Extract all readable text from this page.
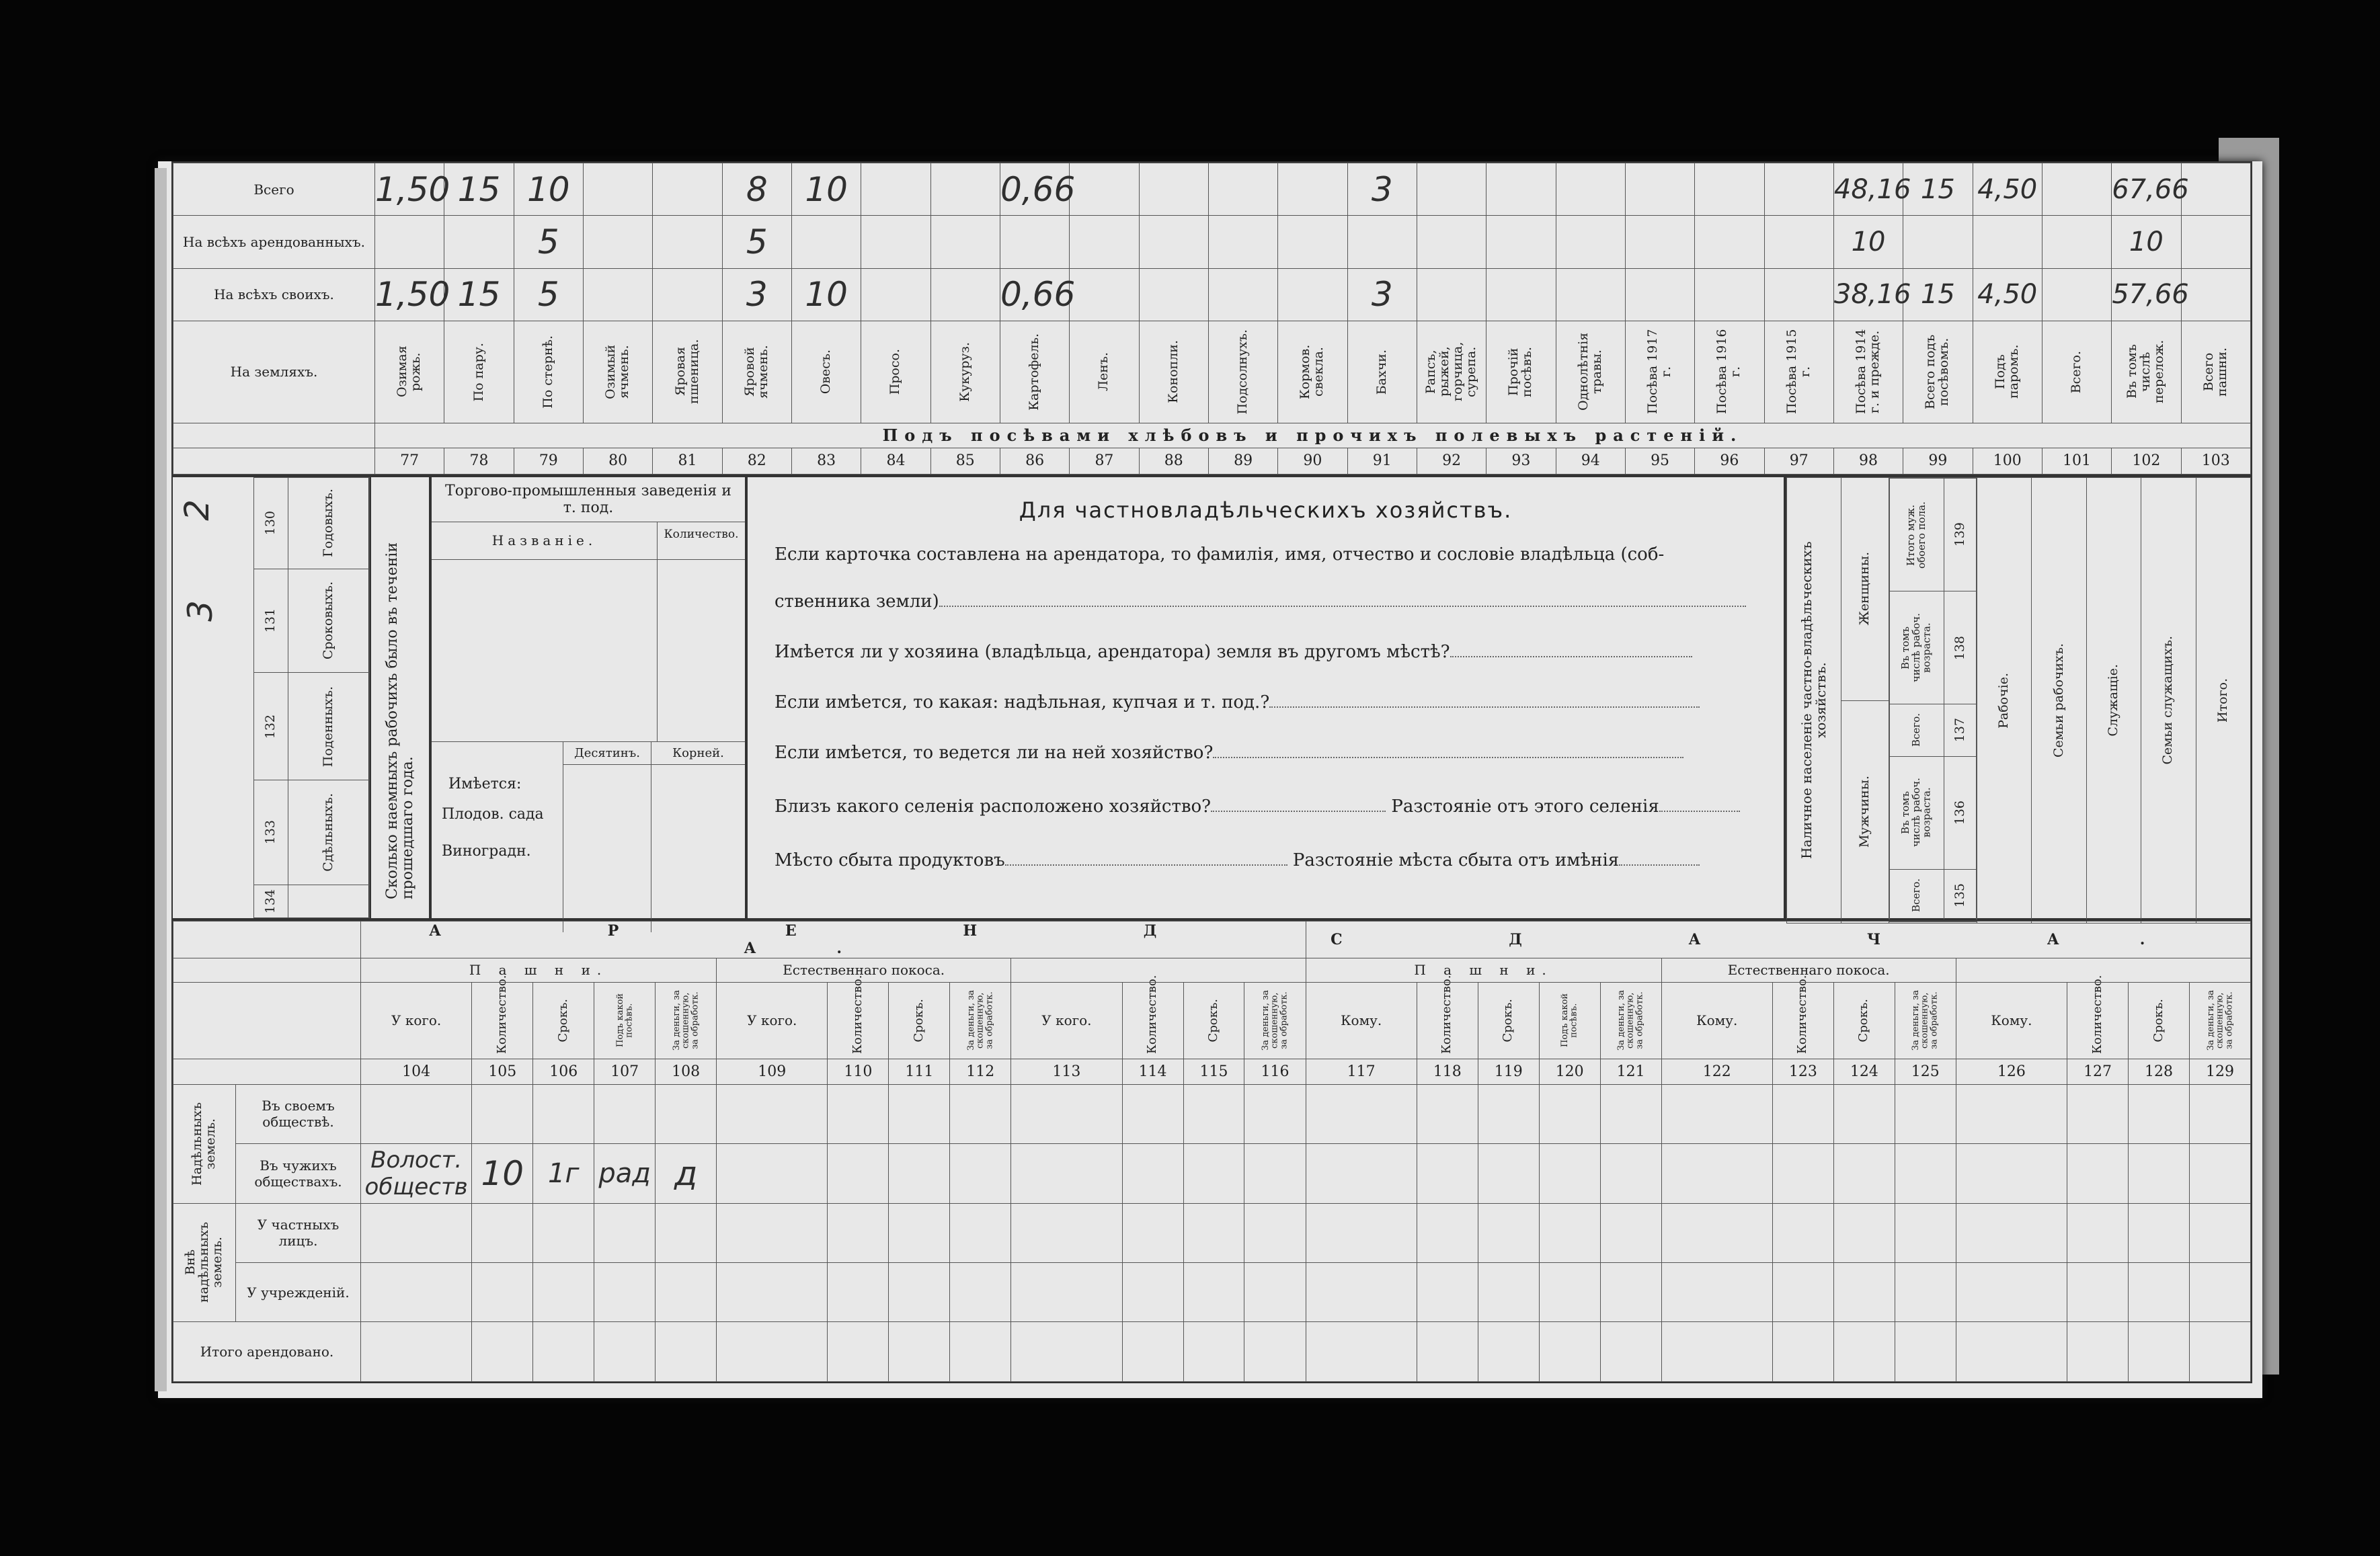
Всего	1,50	15	10			8	10			0,66					3							48,16	15	4,50		67,66	
На всѣхъ арендованныхъ.			5			5																10				10	
На всѣхъ своихъ.	1,50	15	5			3	10			0,66					3							38,16	15	4,50		57,66	
На земляхъ.	Озимая рожь.	По пару.	По стернѣ.	Озимый ячмень.	Яровая пшеница.	Яровой ячмень.	Овесъ.	Просо.	Кукуруз.	Картофель.	Ленъ.	Конопли.	Подсолнухъ.	Кормов. свекла.	Бахчи.	Рапсъ, рыжей, горчица, сурепа.	Прочiй посѣвъ.	Однолѣтнiя травы.	Посѣва 1917 г.	Посѣва 1916 г.	Посѣва 1915 г.	Посѣва 1914 г. и прежде.	Всего подъ посѣвомъ.	Подъ паромъ.	Всего.	Въ томъ числѣ перелож.	Всего пашни.

	Подъ посѣвами хлѣбовъ и прочихъ полевыхъ растеній.																										
	77	78	79	80	81	82	83	84	85	86	87	88	89	90	91	92	93	94	95	96	97	98	99	100	101	102	103
2
3
130	Годовыхъ.

131	Сроковыхъ.

132	Поденныхъ.

133	Сдѣльныхъ.

134	

Сколько наемныхъ рабочихъ было въ теченiи прошедшаго года.
Торгово-промышленныя заведенiя и т. под.
Названiе.	Количество.
Имѣется:
Плодов. сада
Виноградн.
Десятинъ.	Корней.
Для частновладѣльческихъ хозяйствъ.
Если карточка составлена на арендатора, то фамилiя, имя, отчество и сословiе владѣльца (соб-
ственника земли)
Имѣется ли у хозяина (владѣльца, арендатора) земля въ другомъ мѣстѣ?
Если имѣется, то какая: надѣльная, купчая и т. под.?
Если имѣется, то ведется ли на ней хозяйство?
Близъ какого селенiя расположено хозяйство?	Разстоянiе отъ этого селенiя
Мѣсто сбыта продуктовъ	Разстоянiе мѣста сбыта отъ имѣнiя
Наличное населенiе частно-владѣльческихъ хозяйствъ.

Женщины.
Мужчины.

Итого муж. обоего пола.	139

Въ томъ числѣ рабоч. возраста.	138

Всего.	137

Въ томъ числѣ рабоч. возраста.	136

Всего.	135

Рабочiе.	Семьи рабочихъ.	Служащiе.	Семьи служащихъ.	Итого.

		А Р Е Н Д А.													С Д А Ч А.												
		П а ш н и.					Естественнаго покоса.								П а ш н и.					Естественнаго покоса.							
		У кого.	Количество.	Срокъ.	Подъ какой посѣвъ.	За деньги, за скошенную, за обработк.	У кого.	Количество.	Срокъ.	За деньги, за скошенную, за обработк.	У кого.	Количество.	Срокъ.	За деньги, за скошенную, за обработк.	Кому.	Количество.	Срокъ.	Подъ какой посѣвъ.	За деньги, за скошенную, за обработк.	Кому.	Количество.	Срокъ.	За деньги, за скошенную, за обработк.	Кому.	Количество.	Срокъ.	За деньги, за скошенную, за обработк.

		104	105	106	107	108	109	110	111	112	113	114	115	116	117	118	119	120	121	122	123	124	125	126	127	128	129

Надѣльныхъ земель.	Въ своемъ обществѣ.																										
	Въ чужихъ обществахъ.	Волост. обществ	10	1г	рад	д																					

Внѣ надѣльныхъ земель.	У частныхъ лицъ.																										
	У учрежденiй.																										
Итого арендовано.																											
